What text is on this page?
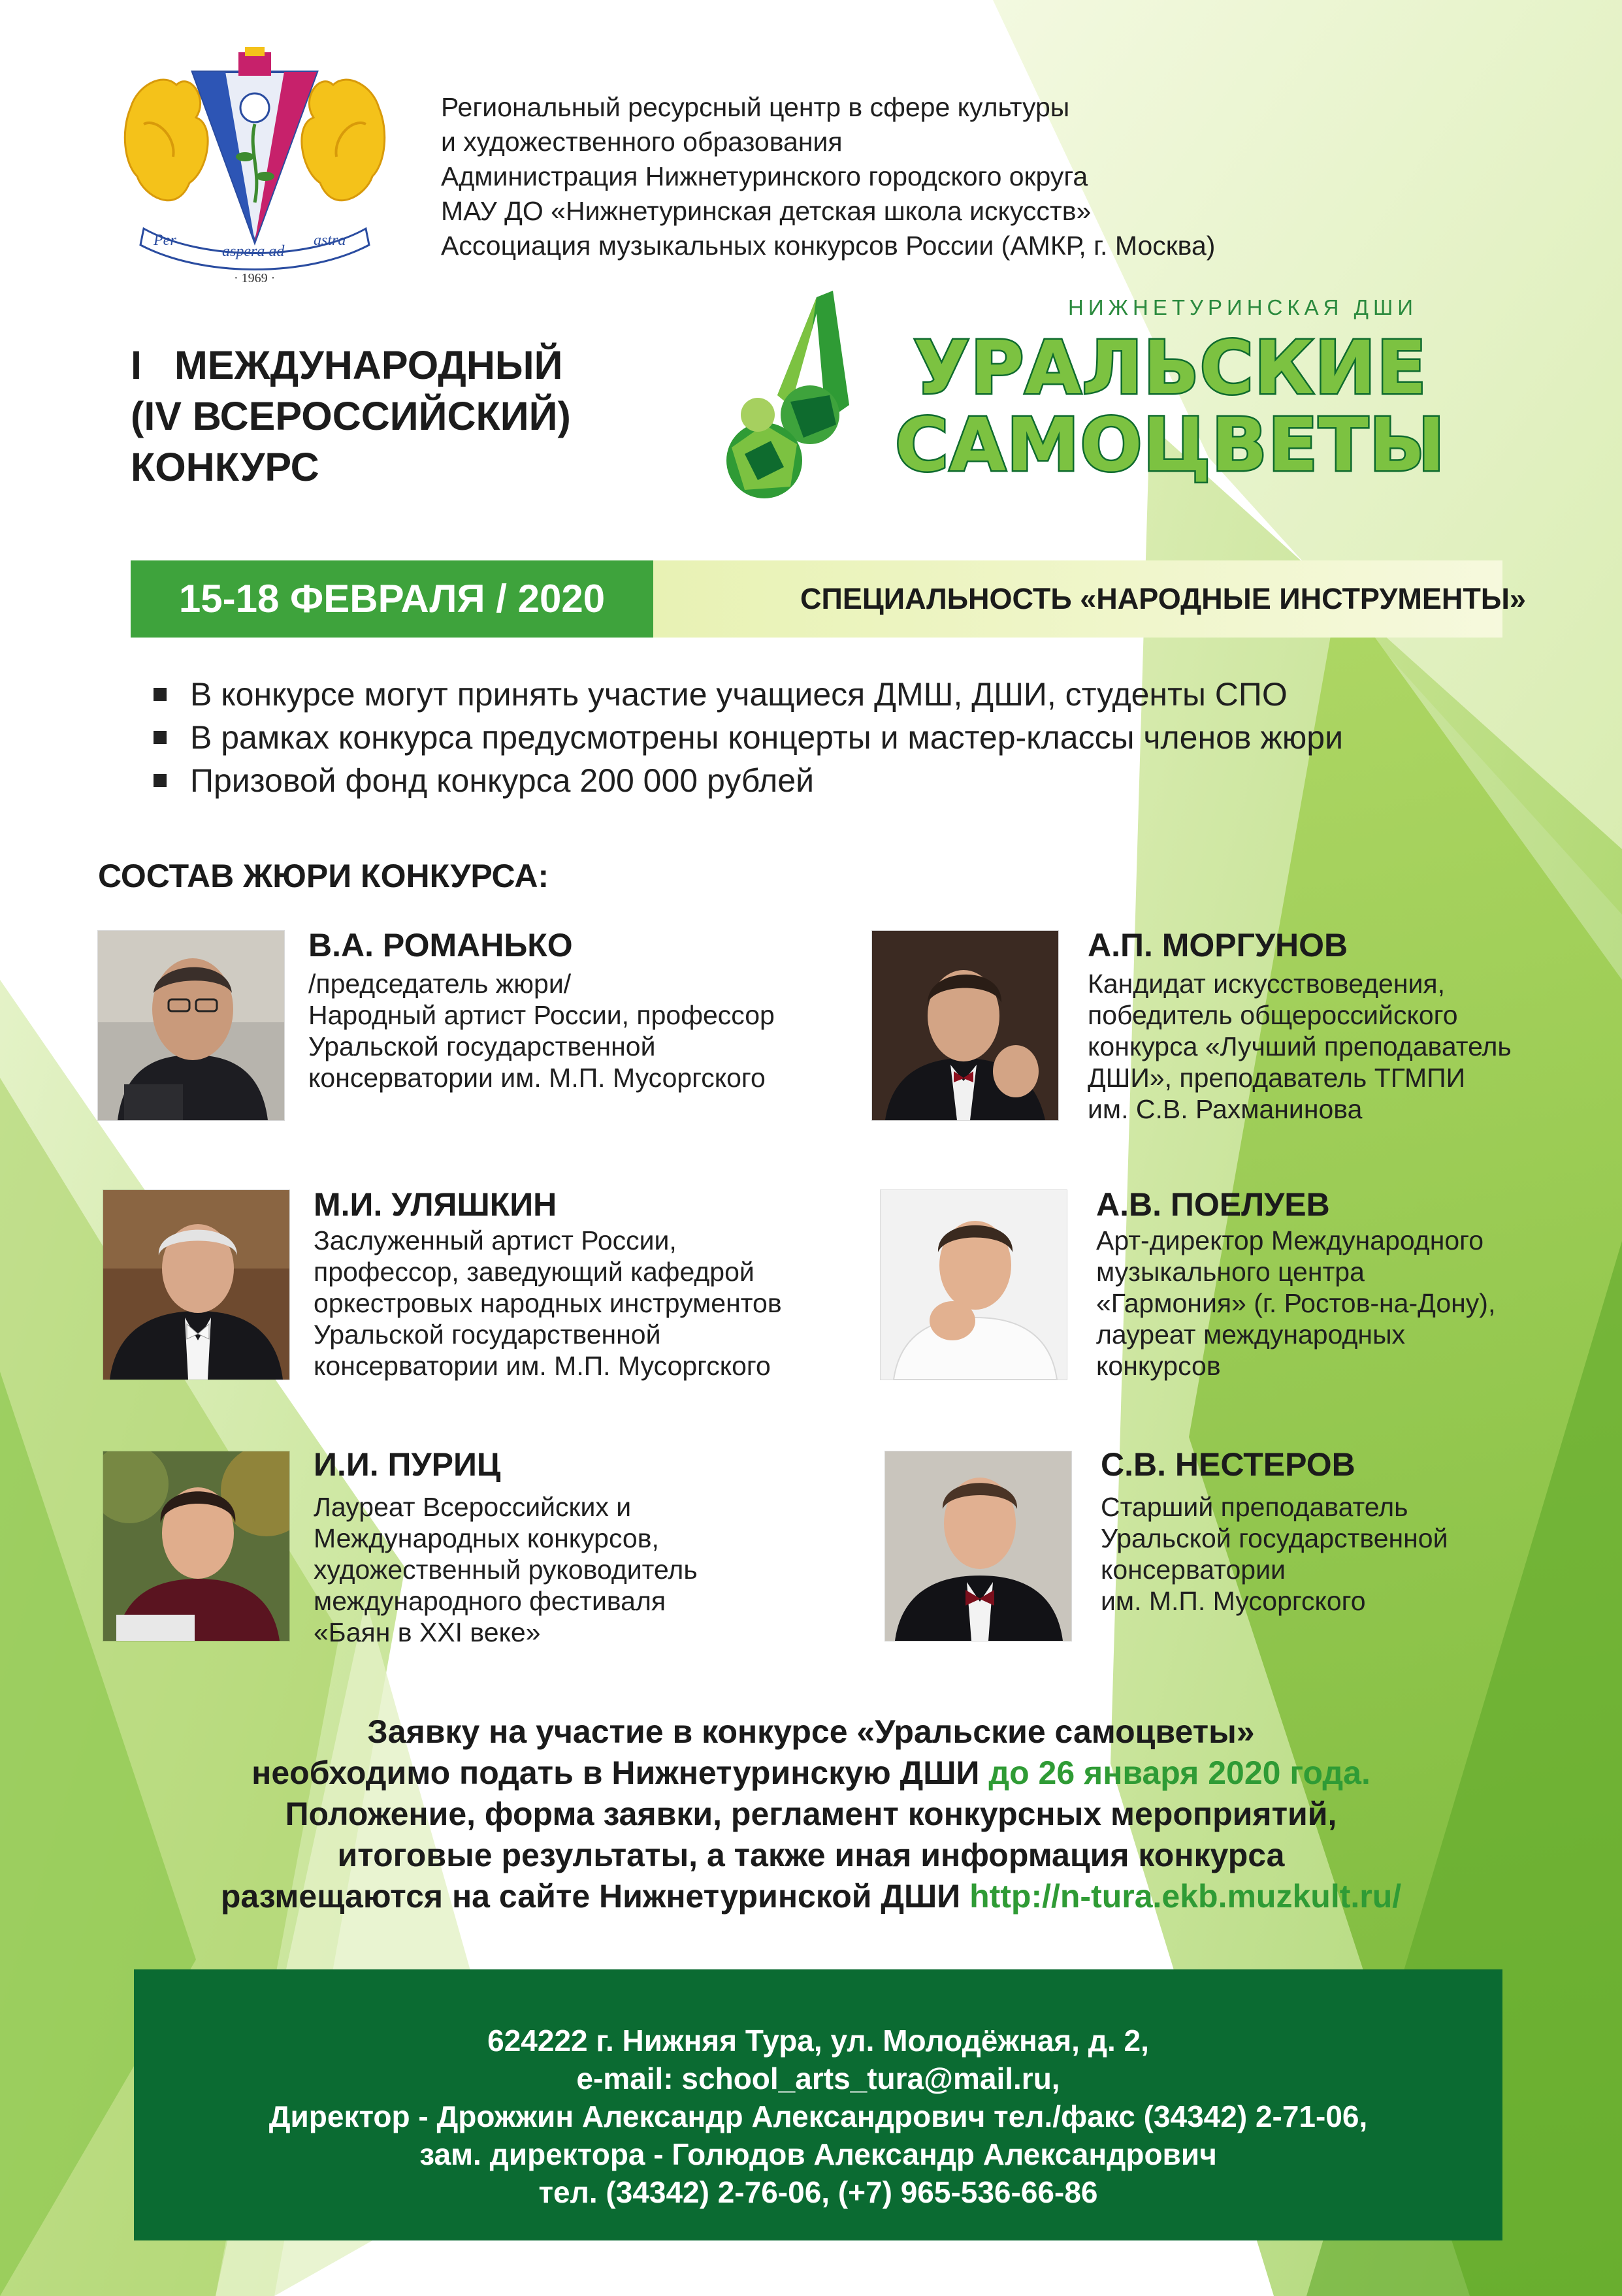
Per
aspera ad
astra
· 1969 ·
Региональный ресурсный центр в сфере культуры
и художественного образования
Администрация Нижнетуринского городского округа
МАУ ДО «Нижнетуринская детская школа искусств»
Ассоциация музыкальных конкурсов России (АМКР, г. Москва)
I МЕЖДУНАРОДНЫЙ
(IV ВСЕРОССИЙСКИЙ)
КОНКУРС
НИЖНЕТУРИНСКАЯ ДШИ
УРАЛЬСКИЕ
САМОЦВЕТЫ
15-18 ФЕВРАЛЯ / 2020	СПЕЦИАЛЬНОСТЬ «НАРОДНЫЕ ИНСТРУМЕНТЫ»
В конкурсе могут принять участие учащиеся ДМШ, ДШИ, студенты СПО
В рамках конкурса предусмотрены концерты и мастер-классы членов жюри
Призовой фонд конкурса 200 000 рублей
СОСТАВ ЖЮРИ КОНКУРСА:
В.А. РОМАНЬКО
/председатель жюри/
Народный артист России, профессор
Уральской государственной
консерватории им. М.П. Мусоргского
А.П. МОРГУНОВ
Кандидат искусствоведения,
победитель общероссийского
конкурса «Лучший преподаватель
ДШИ», преподаватель ТГМПИ
им. С.В. Рахманинова
М.И. УЛЯШКИН
Заслуженный артист России,
профессор, заведующий кафедрой
оркестровых народных инструментов
Уральской государственной
консерватории им. М.П. Мусоргского
А.В. ПОЕЛУЕВ
Арт-директор Международного
музыкального центра
«Гармония» (г. Ростов-на-Дону),
лауреат международных
конкурсов
И.И. ПУРИЦ
Лауреат Всероссийских и
Международных конкурсов,
художественный руководитель
международного фестиваля
«Баян в XXI веке»
С.В. НЕСТЕРОВ
Старший преподаватель
Уральской государственной
консерватории
им. М.П. Мусоргского
Заявку на участие в конкурсе «Уральские самоцветы»
необходимо подать в Нижнетуринскую ДШИ до 26 января 2020 года.
Положение, форма заявки, регламент конкурсных мероприятий,
итоговые результаты, а также иная информация конкурса
размещаются на сайте Нижнетуринской ДШИ http://n-tura.ekb.muzkult.ru/
624222 г. Нижняя Тура, ул. Молодёжная, д. 2,
e-mail: school_arts_tura@mail.ru,
Директор - Дрожжин Александр Александрович тел./факс (34342) 2-71-06,
зам. директора - Голюдов Александр Александрович
тел. (34342) 2-76-06, (+7) 965-536-66-86
